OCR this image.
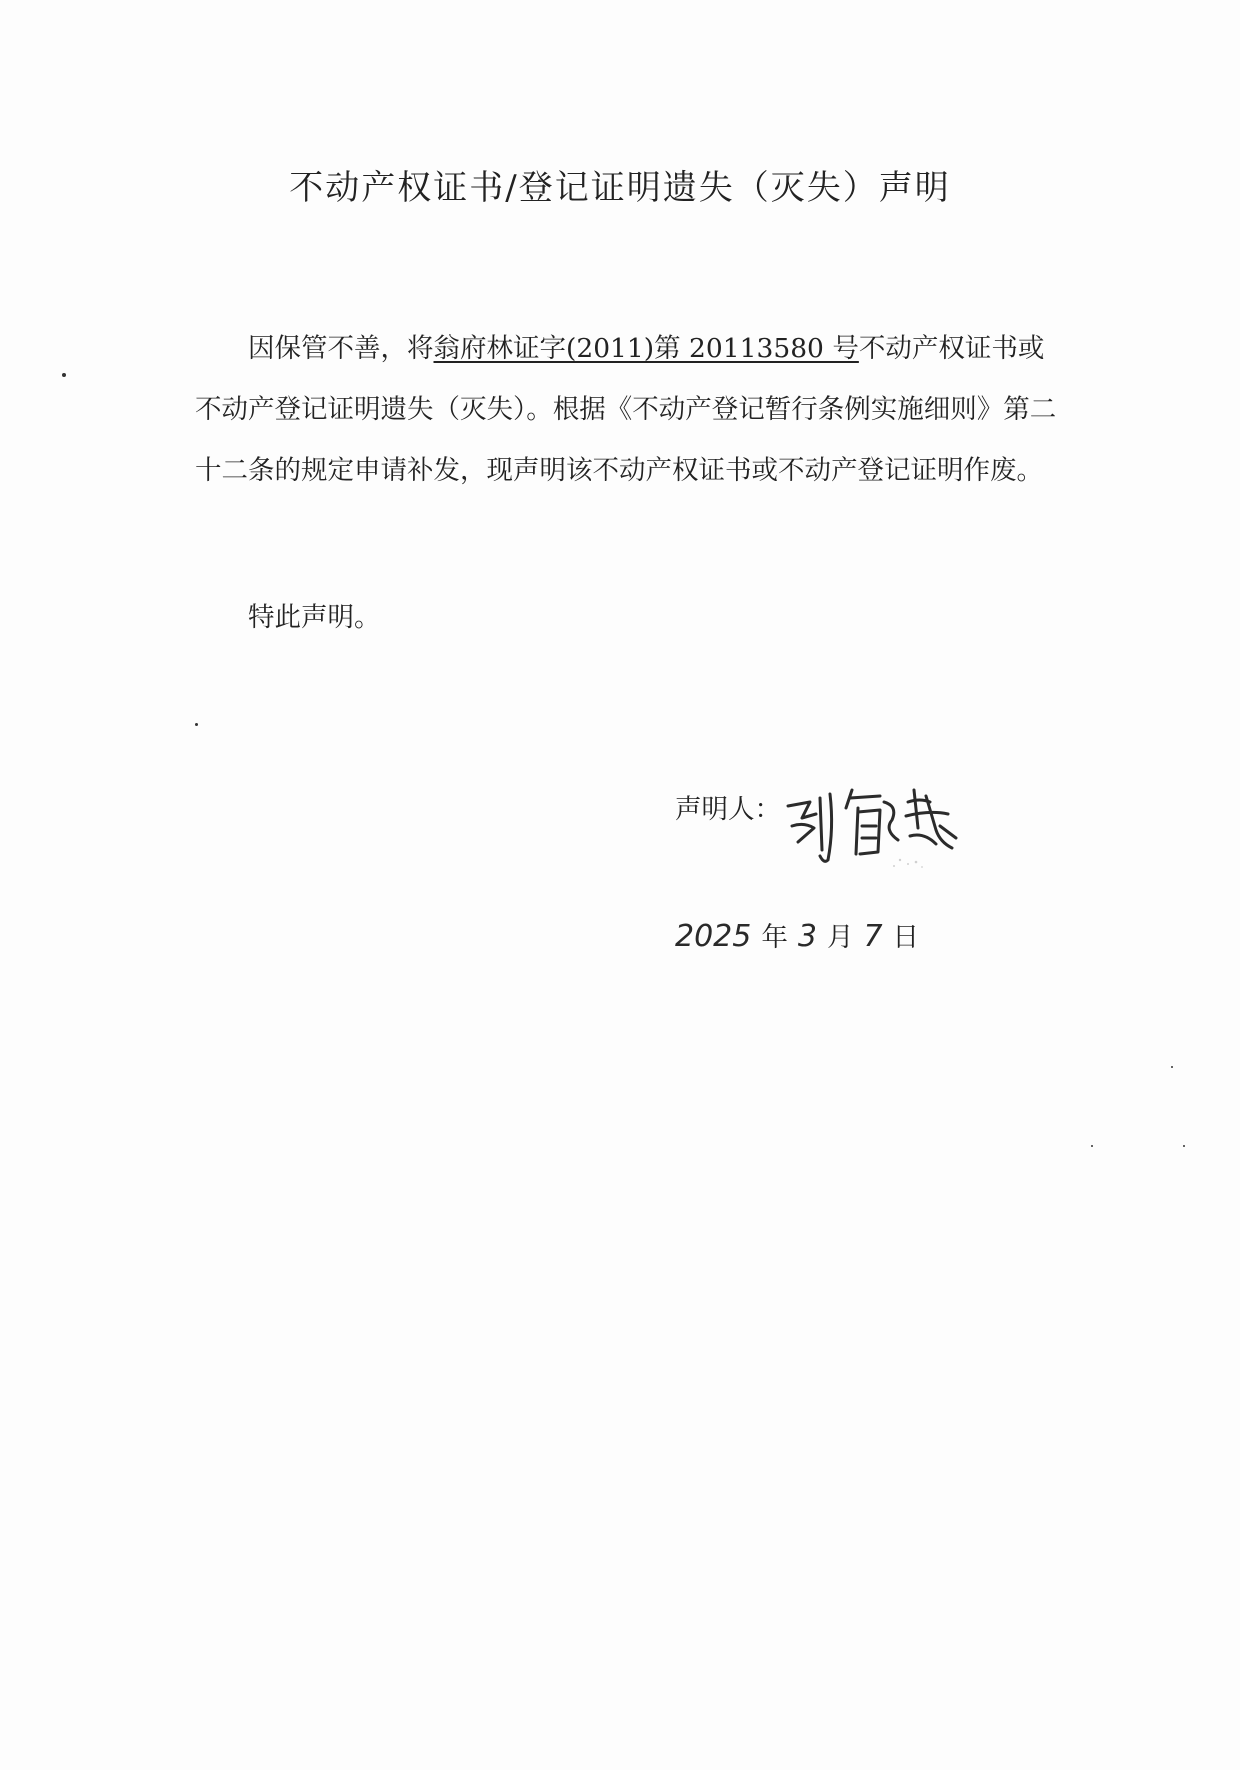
不动产权证书/登记证明遗失（灭失）声明

因保管不善，将翁府林证字(2011)第 20113580 号不动产权证书或不动产登记证明遗失（灭失）。根据《不动产登记暂行条例实施细则》第二十二条的规定申请补发，现声明该不动产权证书或不动产登记证明作废。

特此声明。

声明人：
2025 年 3 月 7 日
